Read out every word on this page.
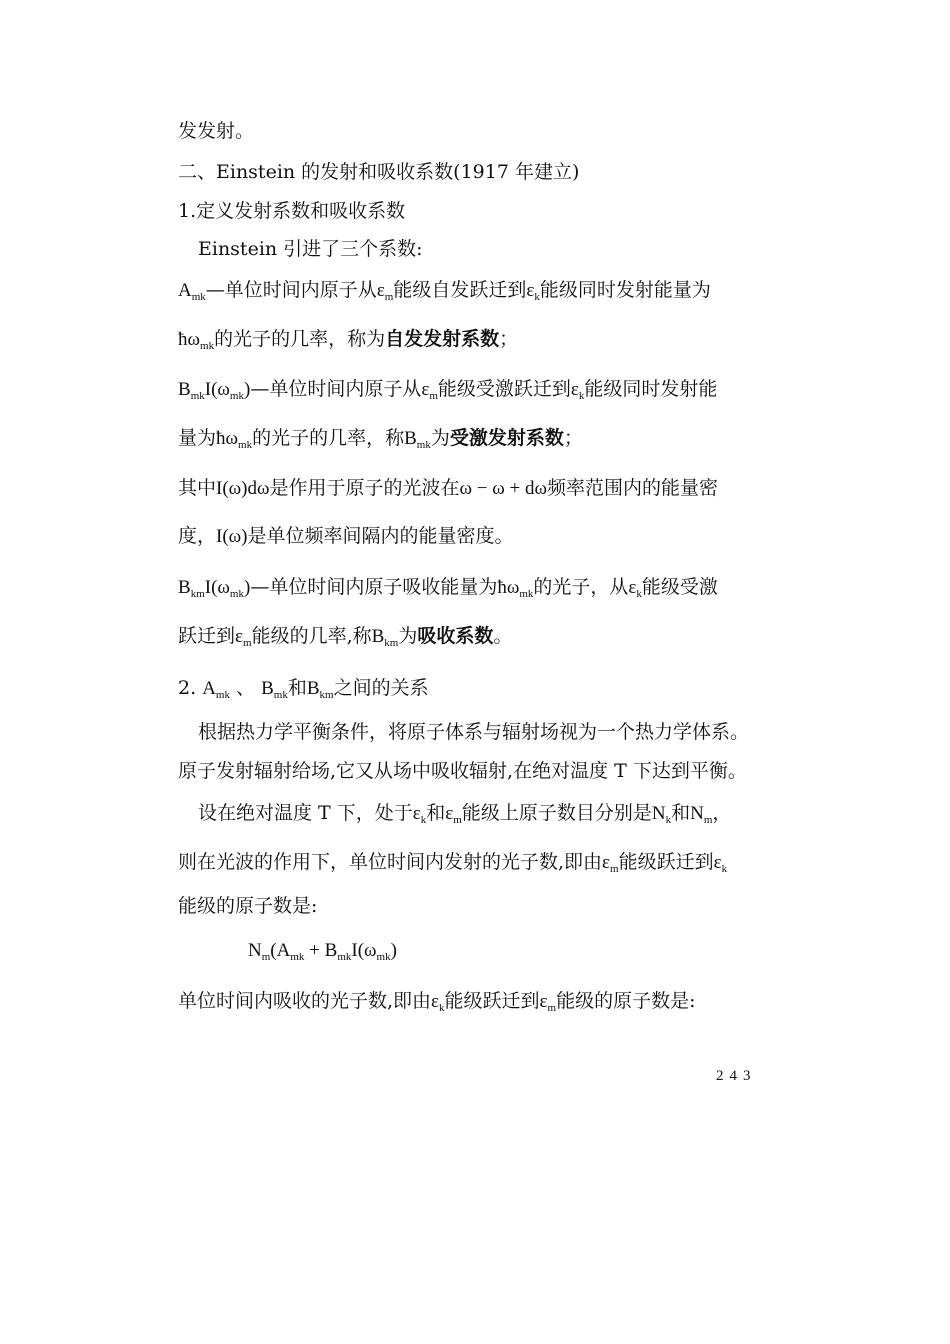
发发射。
二、Einstein 的发射和吸收系数(1917 年建立)
1.定义发射系数和吸收系数
Einstein 引进了三个系数:
$A_{mk}—$单位时间内原子从$\varepsilon_m$能级自发跃迁到$\varepsilon_k$能级同时发射能量为
$ħ\omega_{mk}$的光子的几率，称为自发发射系数；
$B_{mk}I(\omega_{mk})—$单位时间内原子从$\varepsilon_m$能级受激跃迁到$\varepsilon_k$能级同时发射能
量为$ħ\omega_{mk}$的光子的几率，称$B_{mk}$为受激发射系数；
其中I(ω)dω是作用于原子的光波在ω − ω + dω频率范围内的能量密
度，I(ω)是单位频率间隔内的能量密度。
$B_{km}I(\omega_{mk})—$单位时间内原子吸收能量为$ħ\omega_{mk}$的光子，从$\varepsilon_k$能级受激
跃迁到$\varepsilon_m$能级的几率,称$B_{km}$为吸收系数。
2. $A_{mk}$ 、 $B_{mk}$和$B_{km}$之间的关系
根据热力学平衡条件，将原子体系与辐射场视为一个热力学体系。
原子发射辐射给场,它又从场中吸收辐射,在绝对温度 T 下达到平衡。
设在绝对温度 T 下，处于$\varepsilon_k$和$\varepsilon_m$能级上原子数目分别是$N_k$和$N_m$，
则在光波的作用下，单位时间内发射的光子数,即由$\varepsilon_m$能级跃迁到$\varepsilon_k$
能级的原子数是:
$N_m(A_{mk} + B_{mk}I(\omega_{mk})$
单位时间内吸收的光子数,即由$\varepsilon_k$能级跃迁到$\varepsilon_m$能级的原子数是:
243
